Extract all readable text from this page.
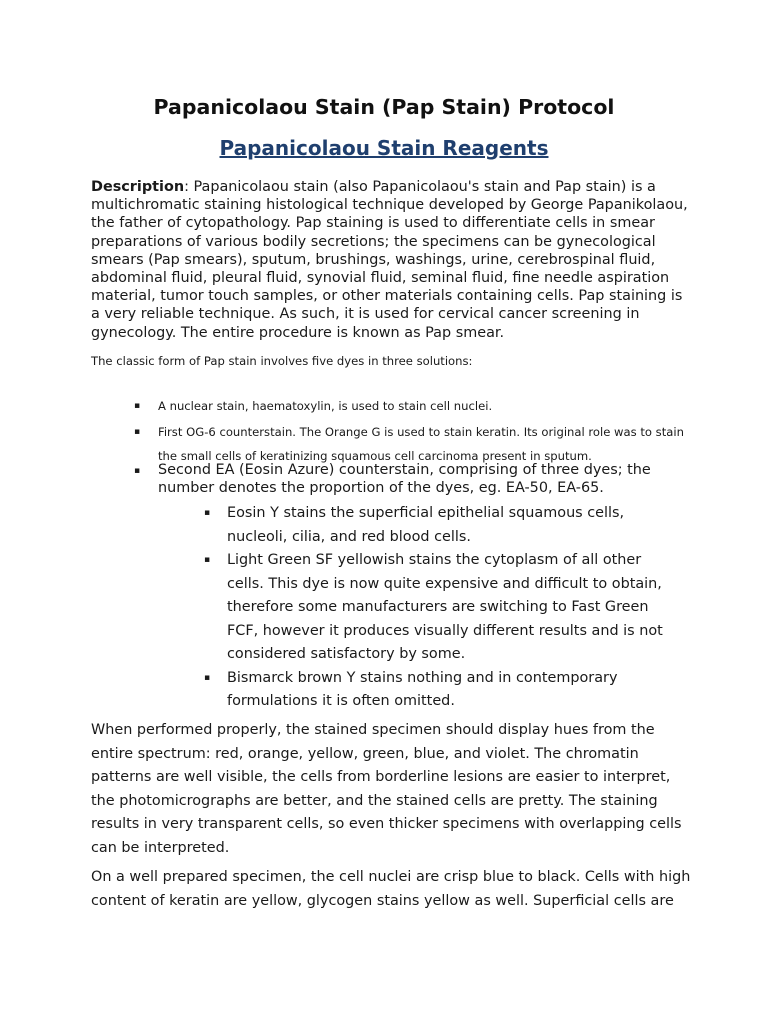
Papanicolaou Stain (Pap Stain) Protocol
Papanicolaou Stain Reagents

Description: Papanicolaou stain (also Papanicolaou's stain and Pap stain) is a multichromatic staining histological technique developed by George Papanikolaou, the father of cytopathology. Pap staining is used to differentiate cells in smear preparations of various bodily secretions; the specimens can be gynecological smears (Pap smears), sputum, brushings, washings, urine, cerebrospinal fluid, abdominal fluid, pleural fluid, synovial fluid, seminal fluid, fine needle aspiration material, tumor touch samples, or other materials containing cells. Pap staining is a very reliable technique. As such, it is used for cervical cancer screening in gynecology. The entire procedure is known as Pap smear.

The classic form of Pap stain involves five dyes in three solutions:

▪ A nuclear stain, haematoxylin, is used to stain cell nuclei.
▪ First OG-6 counterstain. The Orange G is used to stain keratin. Its original role was to stain the small cells of keratinizing squamous cell carcinoma present in sputum.
▪ Second EA (Eosin Azure) counterstain, comprising of three dyes; the number denotes the proportion of the dyes, eg. EA-50, EA-65.
▪ Eosin Y stains the superficial epithelial squamous cells, nucleoli, cilia, and red blood cells.
▪ Light Green SF yellowish stains the cytoplasm of all other cells. This dye is now quite expensive and difficult to obtain, therefore some manufacturers are switching to Fast Green FCF, however it produces visually different results and is not considered satisfactory by some.
▪ Bismarck brown Y stains nothing and in contemporary formulations it is often omitted.

When performed properly, the stained specimen should display hues from the entire spectrum: red, orange, yellow, green, blue, and violet. The chromatin patterns are well visible, the cells from borderline lesions are easier to interpret, the photomicrographs are better, and the stained cells are pretty. The staining results in very transparent cells, so even thicker specimens with overlapping cells can be interpreted.

On a well prepared specimen, the cell nuclei are crisp blue to black. Cells with high content of keratin are yellow, glycogen stains yellow as well. Superficial cells are
